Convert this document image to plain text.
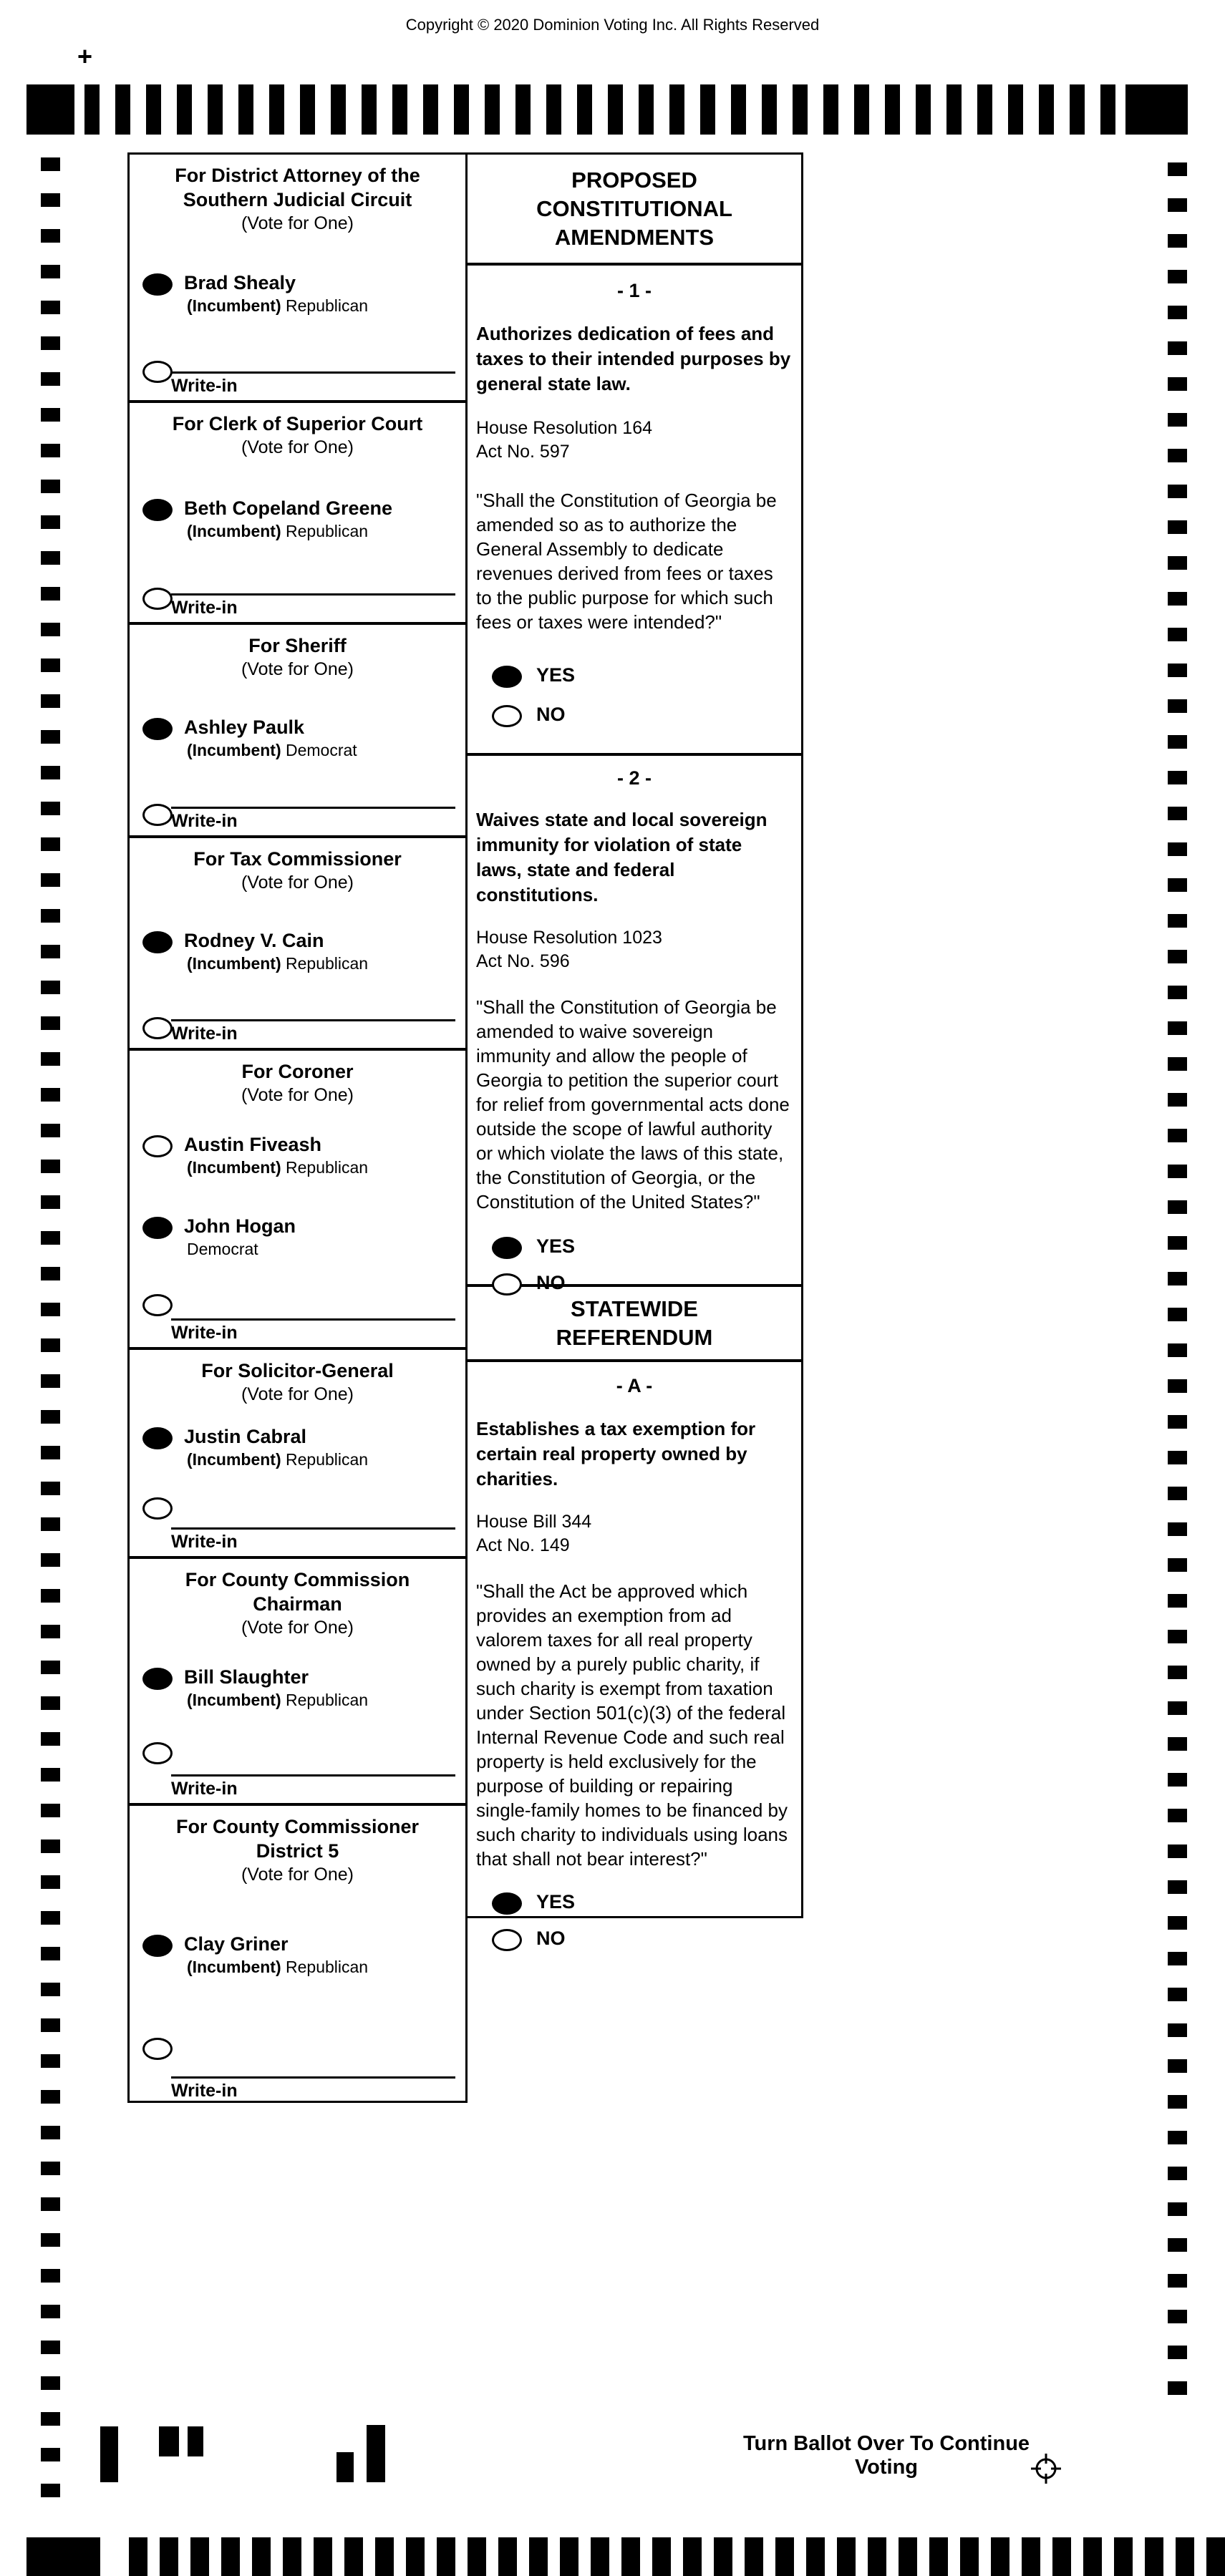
Copyright © 2020 Dominion Voting Inc. All Rights Reserved
+
For District Attorney of the
Southern Judicial Circuit
(Vote for One)
Brad Shealy
(Incumbent) Republican
Write-in
For Clerk of Superior Court
(Vote for One)
Beth Copeland Greene
(Incumbent) Republican
Write-in
For Sheriff
(Vote for One)
Ashley Paulk
(Incumbent) Democrat
Write-in
For Tax Commissioner
(Vote for One)
Rodney V. Cain
(Incumbent) Republican
Write-in
For Coroner
(Vote for One)
Austin Fiveash
(Incumbent) Republican
John Hogan
Democrat
Write-in
For Solicitor-General
(Vote for One)
Justin Cabral
(Incumbent) Republican
Write-in
For County Commission
Chairman
(Vote for One)
Bill Slaughter
(Incumbent) Republican
Write-in
For County Commissioner
District 5
(Vote for One)
Clay Griner
(Incumbent) Republican
Write-in
PROPOSED
CONSTITUTIONAL
AMENDMENTS
- 1 -
Authorizes dedication of fees and taxes to their intended purposes by general state law.
House Resolution 164
Act No. 597
"Shall the Constitution of Georgia be amended so as to authorize the General Assembly to dedicate revenues derived from fees or taxes to the public purpose for which such fees or taxes were intended?"
YES
NO
- 2 -
Waives state and local sovereign immunity for violation of state laws, state and federal constitutions.
House Resolution 1023
Act No. 596
"Shall the Constitution of Georgia be amended to waive sovereign immunity and allow the people of Georgia to petition the superior court for relief from governmental acts done outside the scope of lawful authority or which violate the laws of this state, the Constitution of Georgia, or the Constitution of the United States?"
YES
NO
STATEWIDE
REFERENDUM
- A -
Establishes a tax exemption for certain real property owned by charities.
House Bill 344
Act No. 149
"Shall the Act be approved which provides an exemption from ad valorem taxes for all real property owned by a purely public charity, if such charity is exempt from taxation under Section 501(c)(3) of the federal Internal Revenue Code and such real property is held exclusively for the purpose of building or repairing single-family homes to be financed by such charity to individuals using loans that shall not bear interest?"
YES
NO
20	Turn Ballot Over To Continue Voting
